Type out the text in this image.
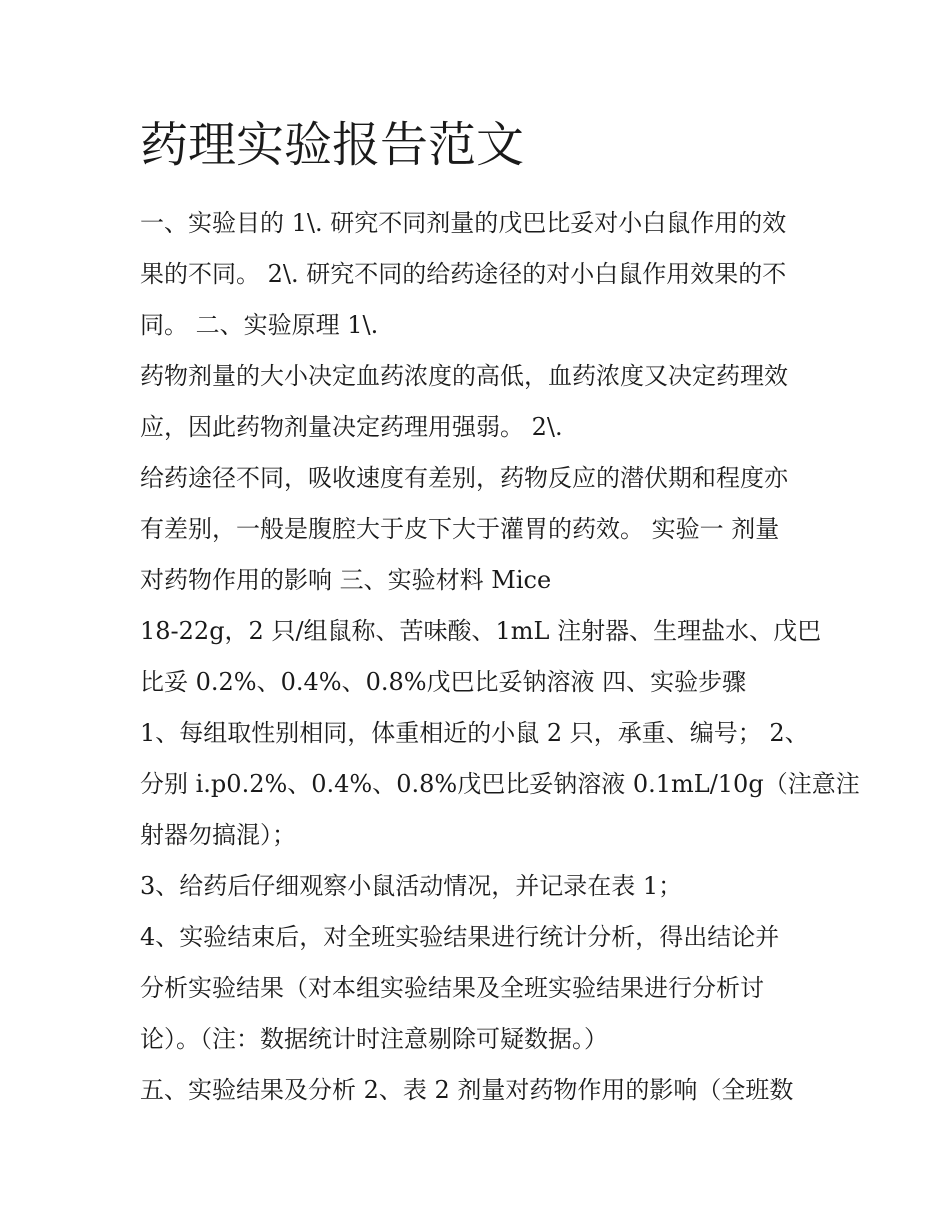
药理实验报告范文

一、实验目的 1\. 研究不同剂量的戊巴比妥对小白鼠作用的效

果的不同。 2\. 研究不同的给药途径的对小白鼠作用效果的不

同。 二、实验原理 1\.

药物剂量的大小决定血药浓度的高低，血药浓度又决定药理效

应，因此药物剂量决定药理用强弱。 2\.

给药途径不同，吸收速度有差别，药物反应的潜伏期和程度亦

有差别，一般是腹腔大于皮下大于灌胃的药效。 实验一 剂量

对药物作用的影响 三、实验材料 Mice

18-22g，2 只/组鼠称、苦味酸、1mL 注射器、生理盐水、戊巴

比妥 0.2%、0.4%、0.8%戊巴比妥钠溶液 四、实验步骤

1、每组取性别相同，体重相近的小鼠 2 只，承重、编号； 2、

分别 i.p0.2%、0.4%、0.8%戊巴比妥钠溶液 0.1mL/10g（注意注

射器勿搞混）；

3、给药后仔细观察小鼠活动情况，并记录在表 1；

4、实验结束后，对全班实验结果进行统计分析，得出结论并

分析实验结果（对本组实验结果及全班实验结果进行分析讨

论）。（注：数据统计时注意剔除可疑数据。）

五、实验结果及分析 2、表 2 剂量对药物作用的影响（全班数
